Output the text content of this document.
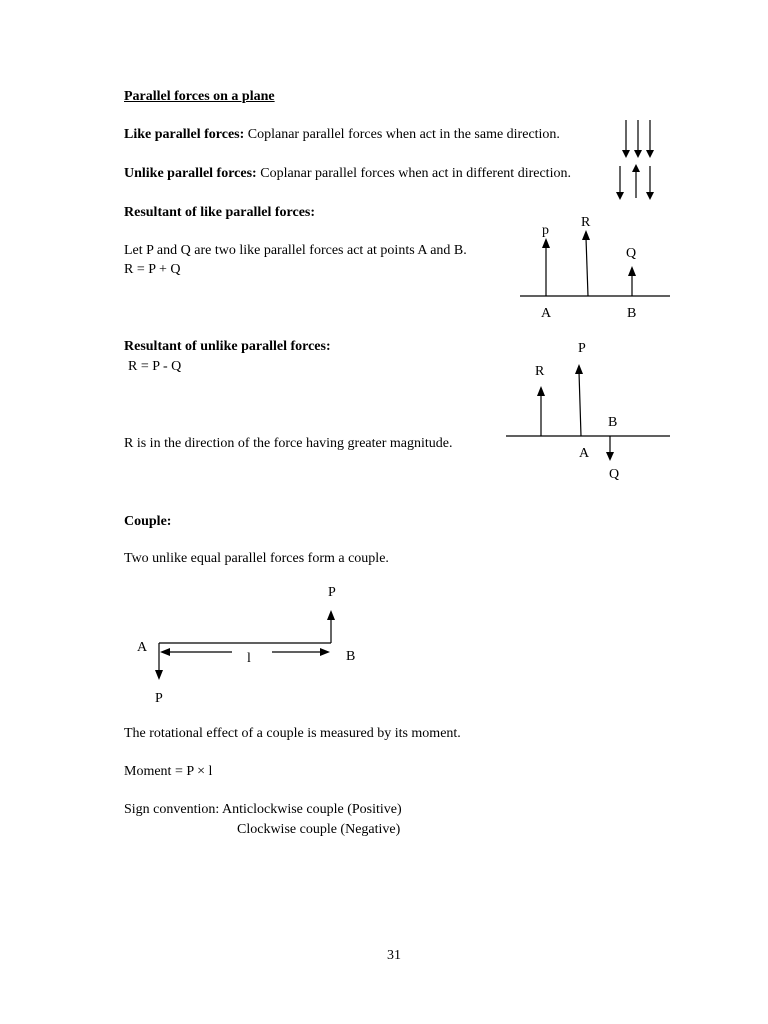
Parallel forces on a plane
Like parallel forces: Coplanar parallel forces when act in the same direction.
Unlike parallel forces: Coplanar parallel forces when act in different direction.
Resultant of like parallel forces:
Let P and Q are two like parallel forces act at points A and B.
R = P + Q
p
R
Q
A	B
Resultant of unlike parallel forces:
R = P - Q
R is in the direction of the force having greater magnitude.
P
R
B
A
Q
Couple:
Two unlike equal parallel forces form a couple.
P
A
l	B
P
The rotational effect of a couple is measured by its moment.
Moment = P × l
Sign convention: Anticlockwise couple (Positive)
Clockwise couple (Negative)
31
